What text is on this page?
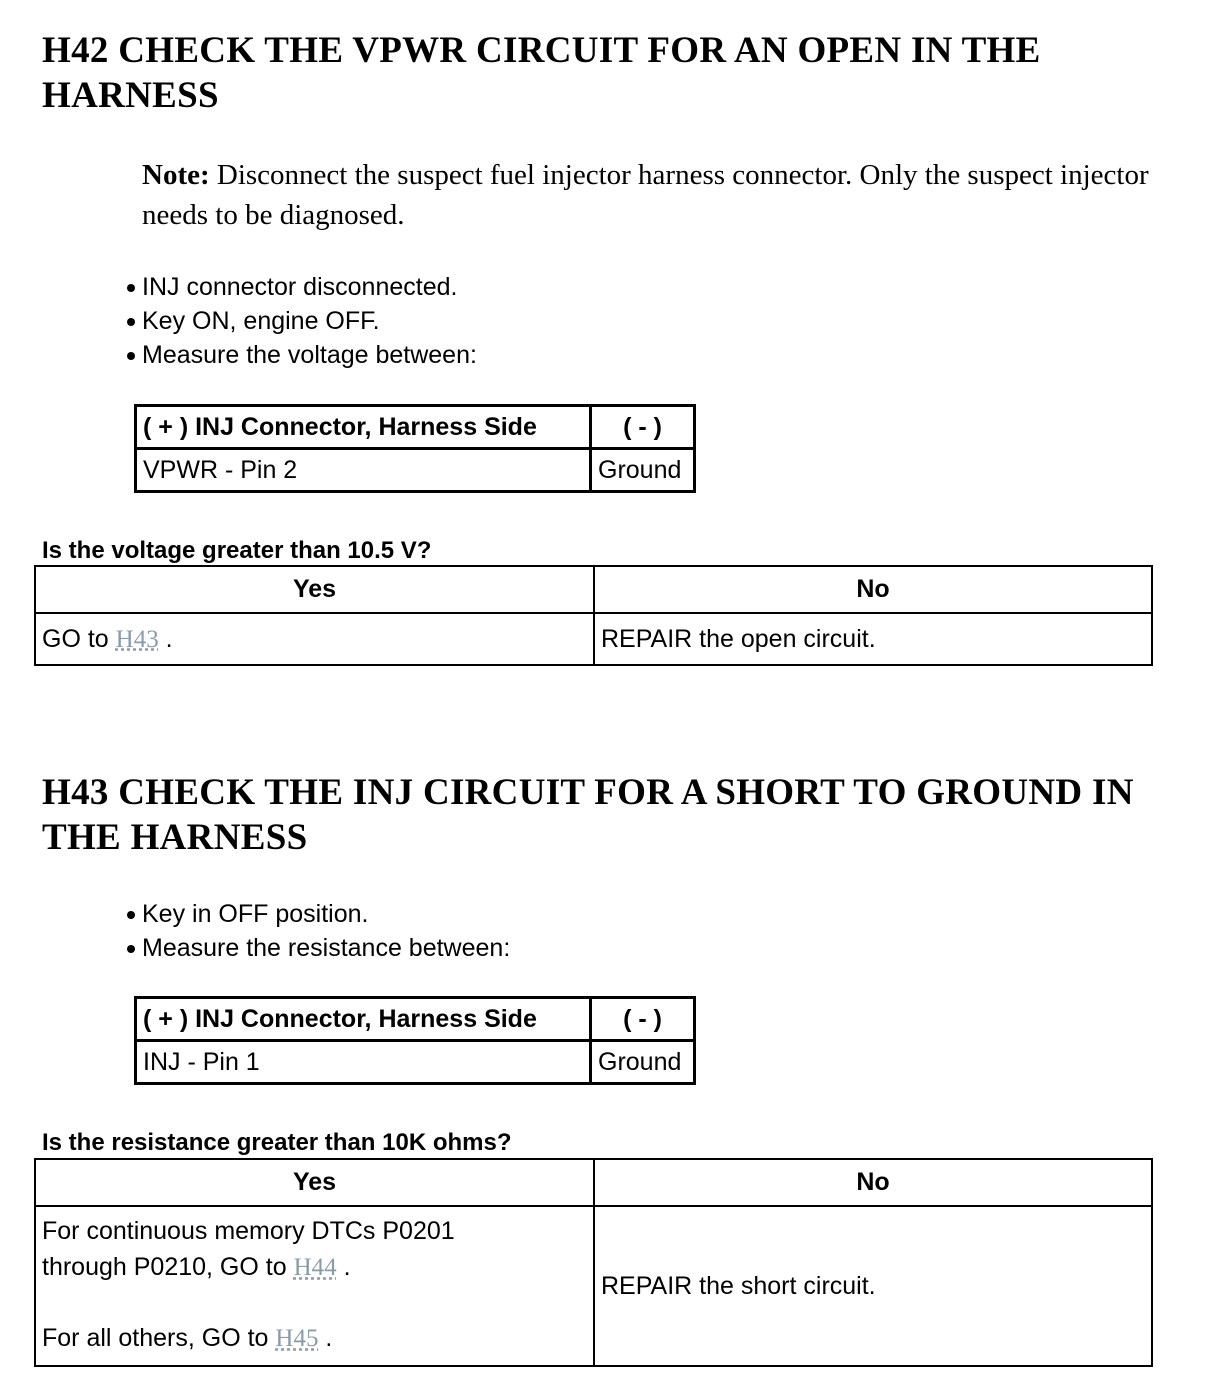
H42 CHECK THE VPWR CIRCUIT FOR AN OPEN IN THE HARNESS
Note: Disconnect the suspect fuel injector harness connector. Only the suspect injector needs to be diagnosed.
INJ connector disconnected.
Key ON, engine OFF.
Measure the voltage between:
( + ) INJ Connector, Harness Side	( - )
VPWR - Pin 2	Ground
Is the voltage greater than 10.5 V?
Yes	No
GO to H43 .	REPAIR the open circuit.
H43 CHECK THE INJ CIRCUIT FOR A SHORT TO GROUND IN THE HARNESS
Key in OFF position.
Measure the resistance between:
( + ) INJ Connector, Harness Side	( - )
INJ - Pin 1	Ground
Is the resistance greater than 10K ohms?
Yes	No

For continuous memory DTCs P0201 through P0210, GO to H44 .
For all others, GO to H45 .	REPAIR the short circuit.
